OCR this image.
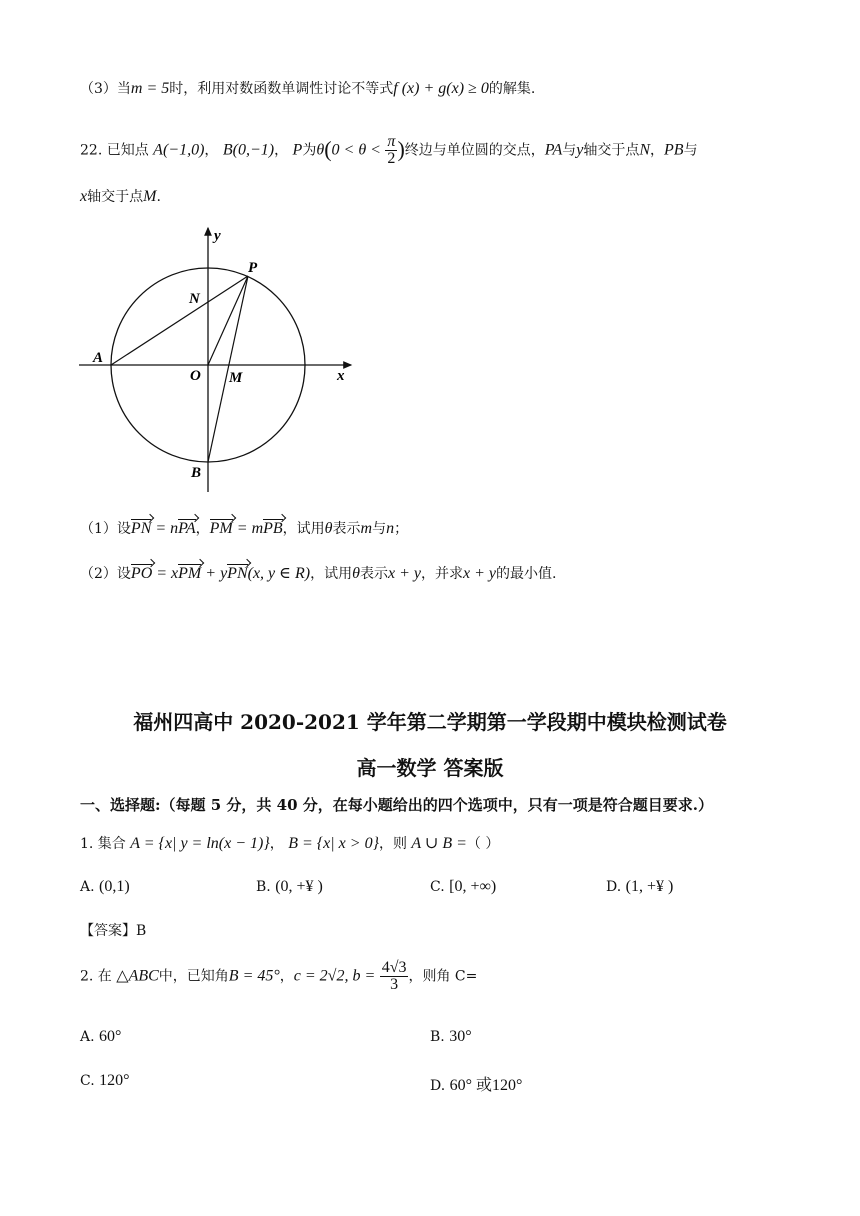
（3）当m = 5时，利用对数函数单调性讨论不等式f (x) + g(x) ≥ 0的解集.
22. 已知点 A(−1,0)， B(0,−1)， P为$\theta(0 < \theta < \frac{\pi}{2}$ )终边与单位圆的交点，PA与y轴交于点N，PB与
x轴交于点M.
y
x
P
N
A
O M
B
（1）设PN = nPA，PM = mPB，试用θ表示m与n；
（2）设PO = xPM + yPN(x, y ∈ R)，试用θ表示x + y，并求x + y的最小值.
福州四高中 2020-2021 学年第二学期第一学段期中模块检测试卷
高一数学 答案版
一、选择题:（每题 5 分，共 40 分，在每小题给出的四个选项中，只有一项是符合题目要求.）
1. 集合 A = {x| y = ln(x − 1)}， B = {x| x > 0}，则 A ∪ B =（ ）
A. (0,1)	B. (0, +¥ )	C. [0, +∞)	D. (1, +¥ )
【答案】B
2. 在 △ABC中，已知角B = 45°，c = 2√2, $b = \frac{4√3}{3}$ ，则角 C=
A. 60°	B. 30°
C. 120°	D. 60° 或120°
